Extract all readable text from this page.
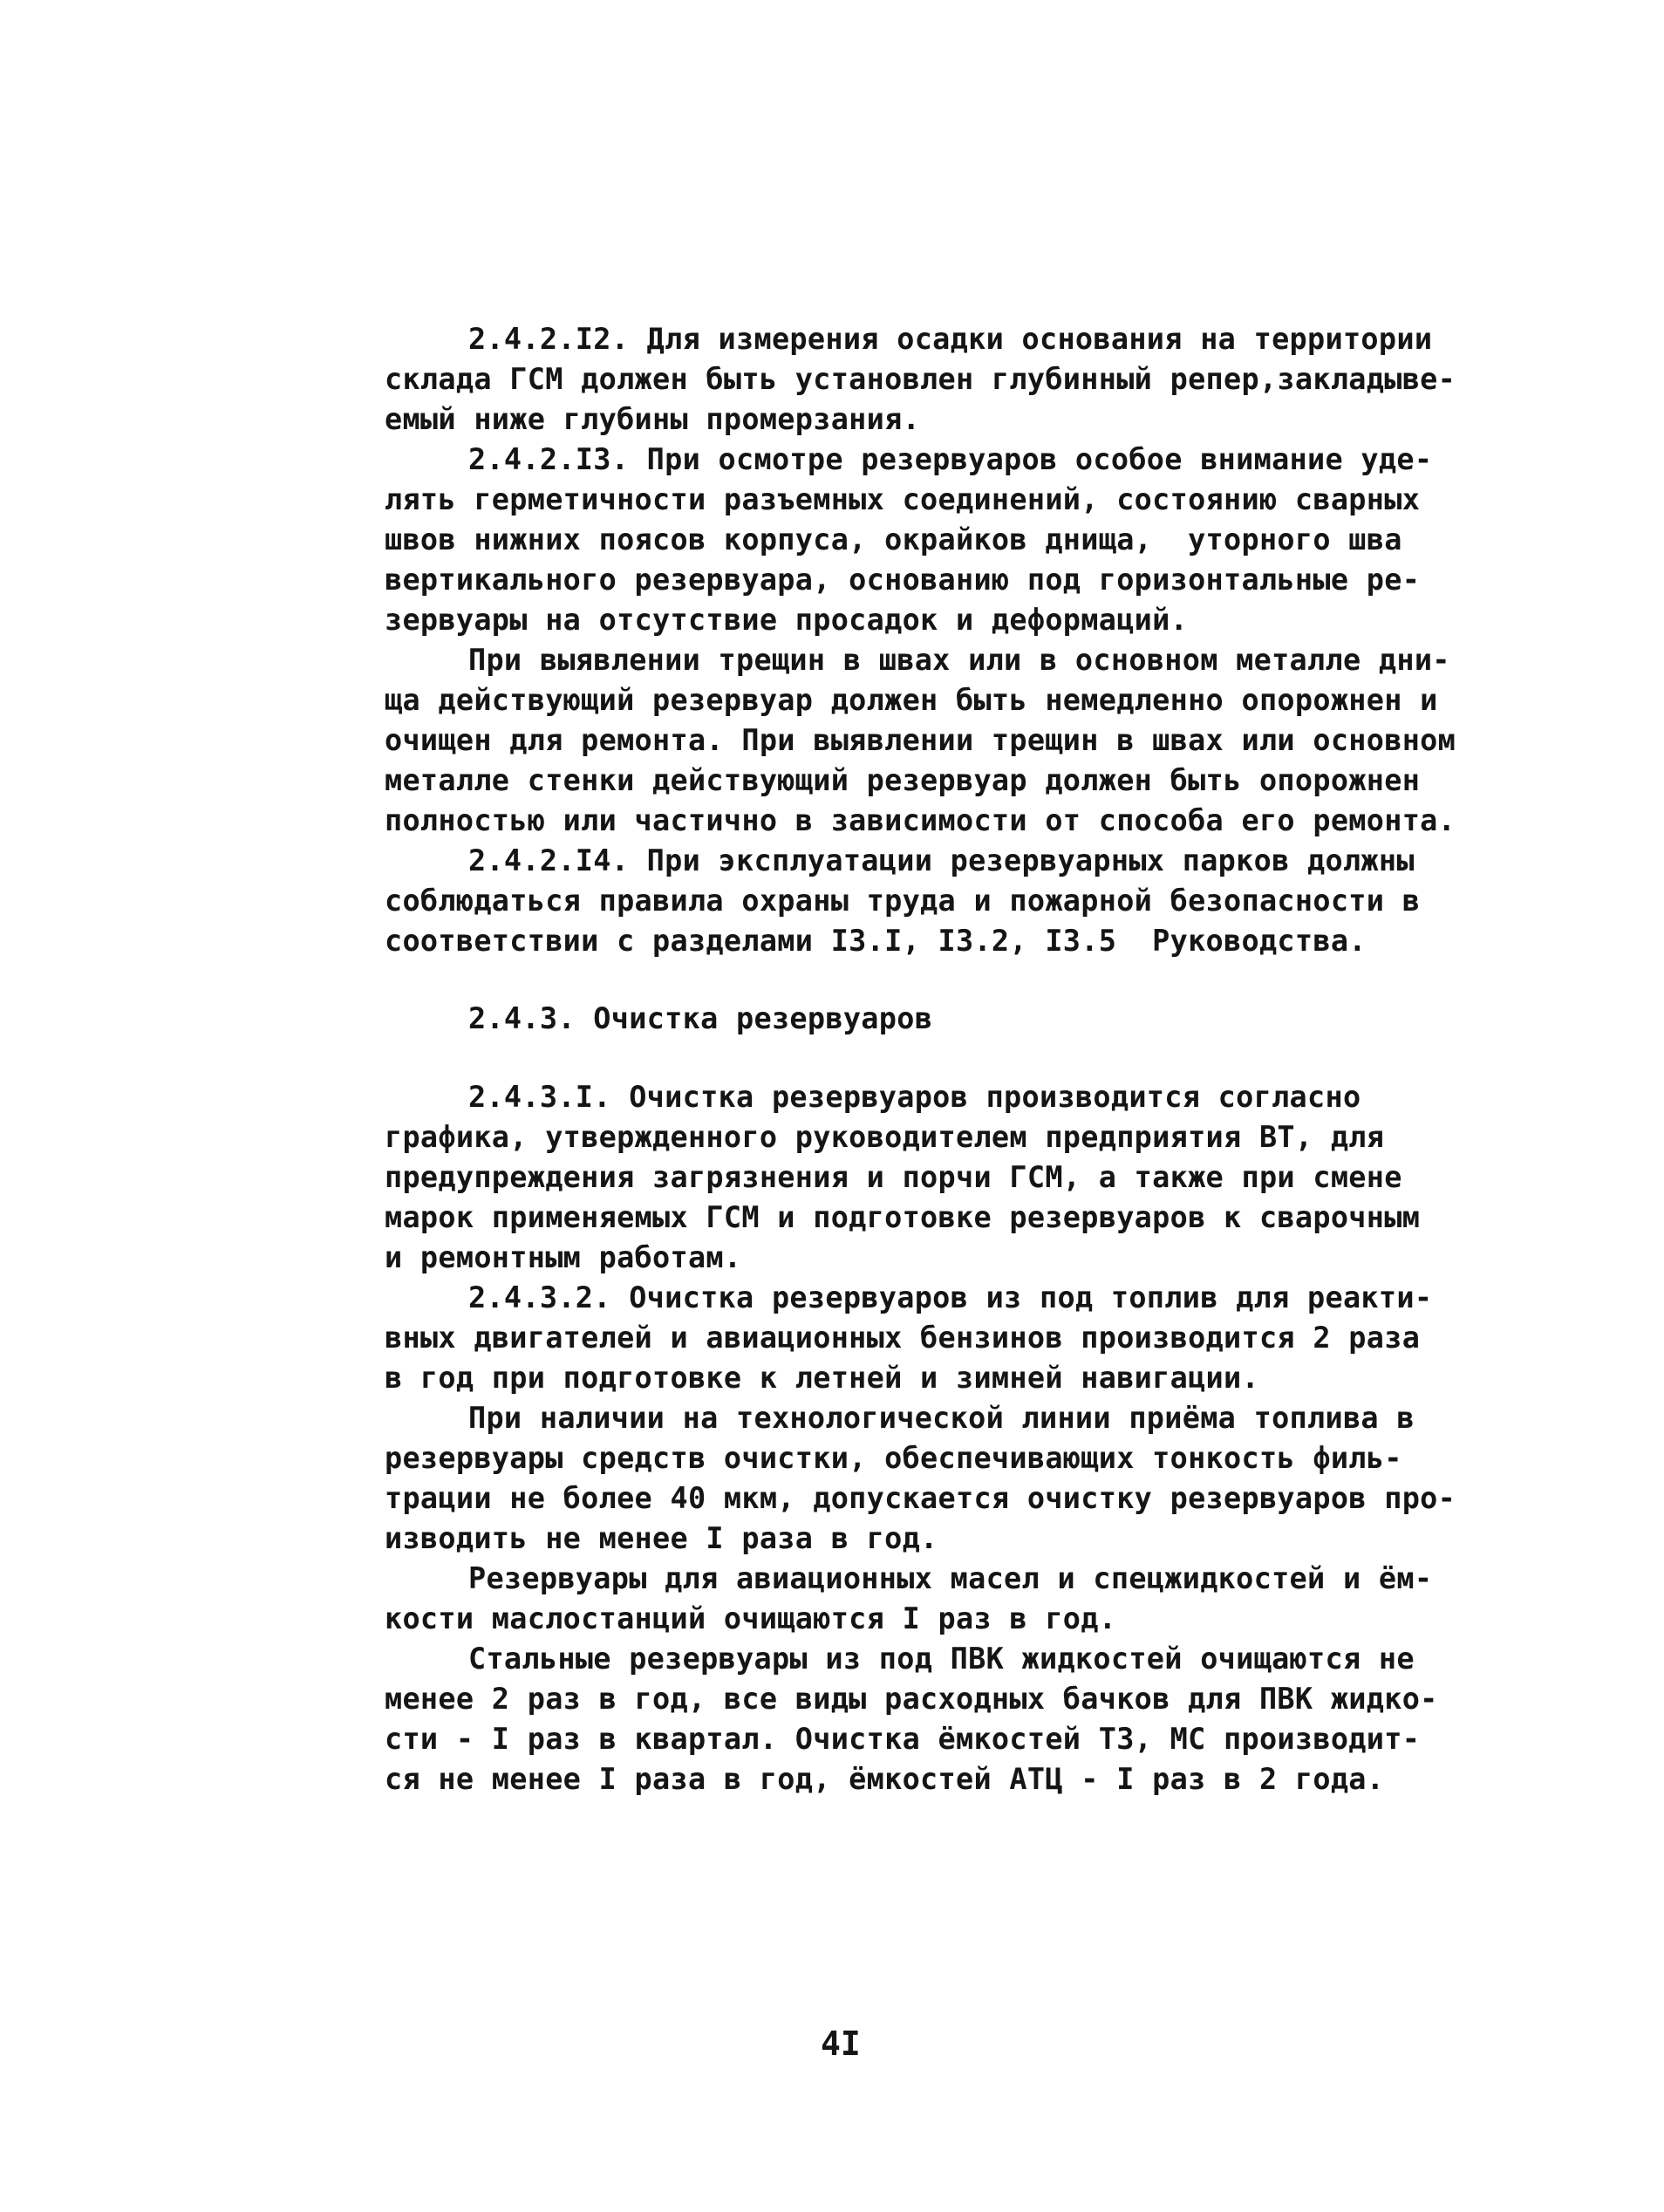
2.4.2.I2. Для измерения осадки основания на территории
склада ГСМ должен быть установлен глубинный репер,закладыве-
емый ниже глубины промерзания.
2.4.2.I3. При осмотре резервуаров особое внимание уде-
лять герметичности разъемных соединений, состоянию сварных
швов нижних поясов корпуса, окрайков днища,  уторного шва
вертикального резервуара, основанию под горизонтальные ре-
зервуары на отсутствие просадок и деформаций.
При выявлении трещин в швах или в основном металле дни-
ща действующий резервуар должен быть немедленно опорожнен и
очищен для ремонта. При выявлении трещин в швах или основном
металле стенки действующий резервуар должен быть опорожнен
полностью или частично в зависимости от способа его ремонта.
2.4.2.I4. При эксплуатации резервуарных парков должны
соблюдаться правила охраны труда и пожарной безопасности в
соответствии с разделами I3.I, I3.2, I3.5  Руководства.
2.4.3. Очистка резервуаров
2.4.3.I. Очистка резервуаров производится согласно
графика, утвержденного руководителем предприятия ВТ, для
предупреждения загрязнения и порчи ГСМ, а также при смене
марок применяемых ГСМ и подготовке резервуаров к сварочным
и ремонтным работам.
2.4.3.2. Очистка резервуаров из под топлив для реакти-
вных двигателей и авиационных бензинов производится 2 раза
в год при подготовке к летней и зимней навигации.
При наличии на технологической линии приёма топлива в
резервуары средств очистки, обеспечивающих тонкость филь-
трации не более 40 мкм, допускается очистку резервуаров про-
изводить не менее I раза в год.
Резервуары для авиационных масел и спецжидкостей и ём-
кости маслостанций очищаются I раз в год.
Стальные резервуары из под ПВК жидкостей очищаются не
менее 2 раз в год, все виды расходных бачков для ПВК жидко-
сти - I раз в квартал. Очистка ёмкостей ТЗ, МС производит-
ся не менее I раза в год, ёмкостей АТЦ - I раз в 2 года.
4I
